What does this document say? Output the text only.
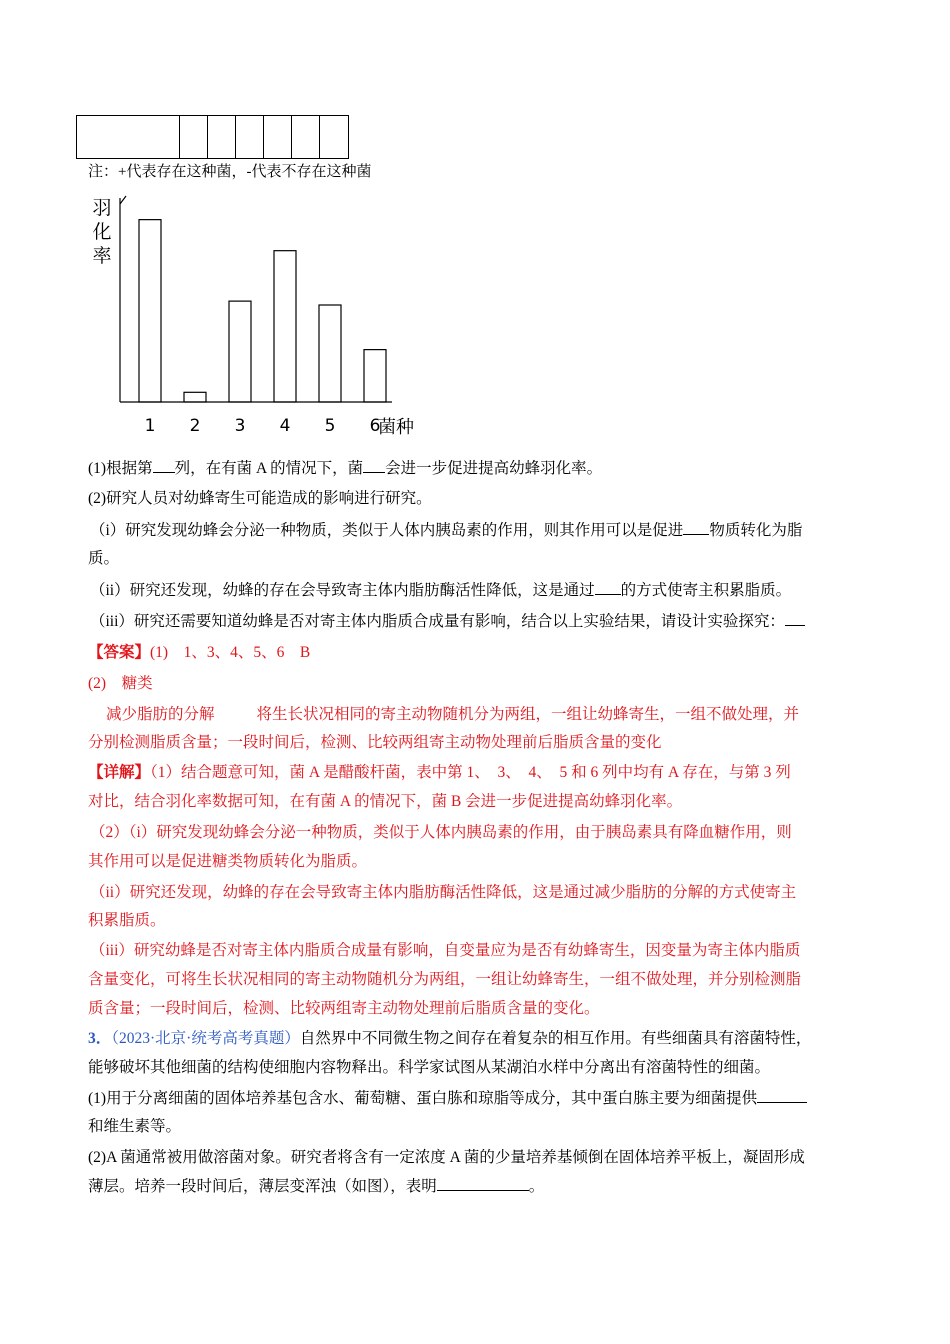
注：+代表存在这种菌，-代表不存在这种菌
羽
化
率
1 2 3 4 5 6
菌种
(1)根据第 列，在有菌 A 的情况下，菌 会进一步促进提高幼蜂羽化率。
(2)研究人员对幼蜂寄生可能造成的影响进行研究。
（i）研究发现幼蜂会分泌一种物质，类似于人体内胰岛素的作用，则其作用可以是促进 物质转化为脂
质。
（ii）研究还发现，幼蜂的存在会导致寄主体内脂肪酶活性降低，这是通过 的方式使寄主积累脂质。
（iii）研究还需要知道幼蜂是否对寄主体内脂质合成量有影响，结合以上实验结果，请设计实验探究：
【答案】(1)　1、3、4、5、6　B
(2)　糖类
减少脂肪的分解	将生长状况相同的寄主动物随机分为两组，一组让幼蜂寄生，一组不做处理，并
分别检测脂质含量；一段时间后，检测、比较两组寄主动物处理前后脂质含量的变化
【详解】（1）结合题意可知，菌 A 是醋酸杆菌，表中第 1、　3、　4、　5 和 6 列中均有 A 存在，与第 3 列
对比，结合羽化率数据可知，在有菌 A 的情况下，菌 B 会进一步促进提高幼蜂羽化率。
（2）（i）研究发现幼蜂会分泌一种物质，类似于人体内胰岛素的作用，由于胰岛素具有降血糖作用，则
其作用可以是促进糖类物质转化为脂质。
（ii）研究还发现，幼蜂的存在会导致寄主体内脂肪酶活性降低，这是通过减少脂肪的分解的方式使寄主
积累脂质。
（iii）研究幼蜂是否对寄主体内脂质合成量有影响，自变量应为是否有幼蜂寄生，因变量为寄主体内脂质
含量变化，可将生长状况相同的寄主动物随机分为两组，一组让幼蜂寄生，一组不做处理，并分别检测脂
质含量；一段时间后，检测、比较两组寄主动物处理前后脂质含量的变化。
3．（2023·北京·统考高考真题）自然界中不同微生物之间存在着复杂的相互作用。有些细菌具有溶菌特性，
能够破坏其他细菌的结构使细胞内容物释出。科学家试图从某湖泊水样中分离出有溶菌特性的细菌。
(1)用于分离细菌的固体培养基包含水、葡萄糖、蛋白胨和琼脂等成分，其中蛋白胨主要为细菌提供
和维生素等。
(2)A 菌通常被用做溶菌对象。研究者将含有一定浓度 A 菌的少量培养基倾倒在固体培养平板上，凝固形成
薄层。培养一段时间后，薄层变浑浊（如图），表明	。
